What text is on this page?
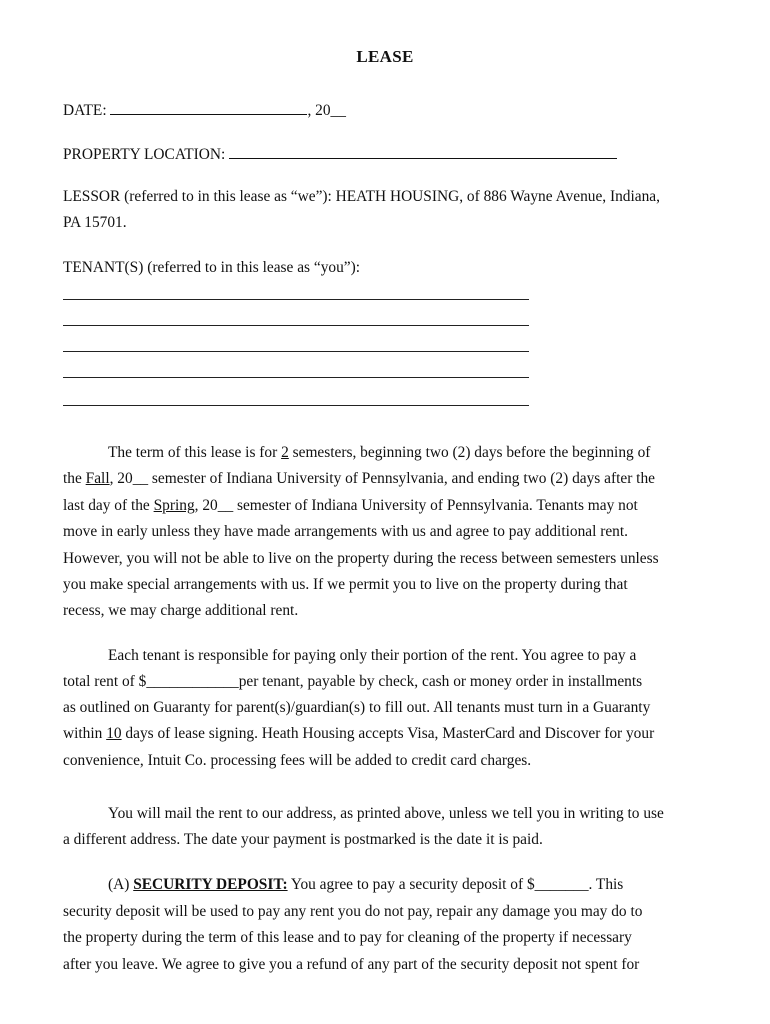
LEASE
DATE:	, 20__
PROPERTY LOCATION:
LESSOR (referred to in this lease as “we”): HEATH HOUSING, of 886 Wayne Avenue, Indiana,
PA 15701.
TENANT(S) (referred to in this lease as “you”):
The term of this lease is for 2 semesters, beginning two (2) days before the beginning of
the Fall, 20__ semester of Indiana University of Pennsylvania, and ending two (2) days after the
last day of the Spring, 20__ semester of Indiana University of Pennsylvania. Tenants may not
move in early unless they have made arrangements with us and agree to pay additional rent.
However, you will not be able to live on the property during the recess between semesters unless
you make special arrangements with us. If we permit you to live on the property during that
recess, we may charge additional rent.
Each tenant is responsible for paying only their portion of the rent. You agree to pay a
total rent of $____________per tenant, payable by check, cash or money order in installments
as outlined on Guaranty for parent(s)/guardian(s) to fill out. All tenants must turn in a Guaranty
within 10 days of lease signing. Heath Housing accepts Visa, MasterCard and Discover for your
convenience, Intuit Co. processing fees will be added to credit card charges.
You will mail the rent to our address, as printed above, unless we tell you in writing to use
a different address. The date your payment is postmarked is the date it is paid.
(A) SECURITY DEPOSIT: You agree to pay a security deposit of $_______. This
security deposit will be used to pay any rent you do not pay, repair any damage you may do to
the property during the term of this lease and to pay for cleaning of the property if necessary
after you leave. We agree to give you a refund of any part of the security deposit not spent for
